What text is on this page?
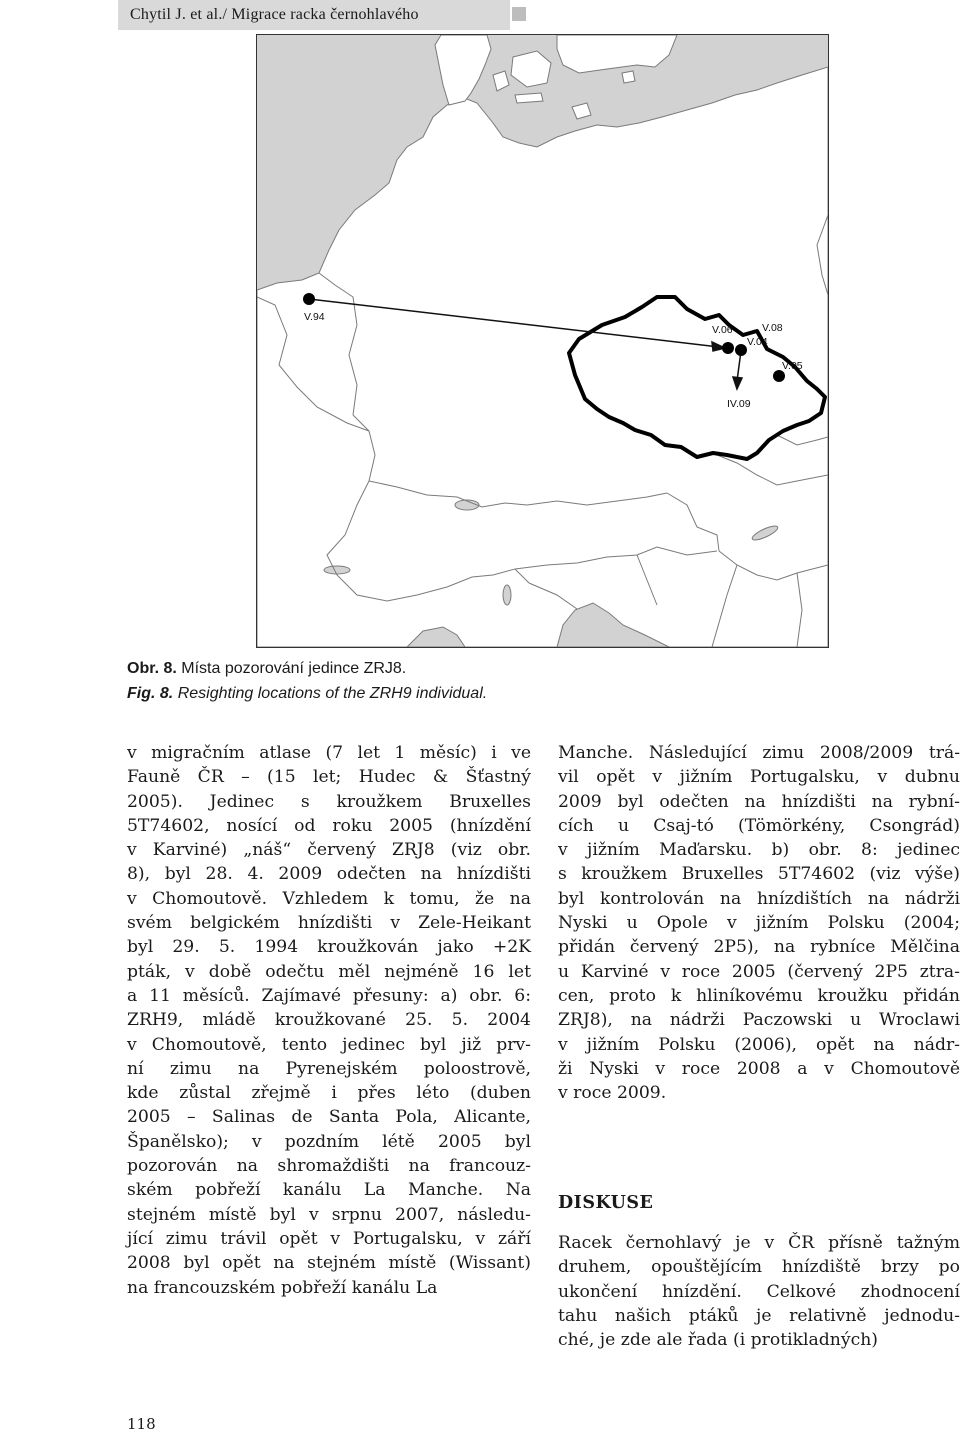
Chytil J. et al./ Migrace racka černohlavého
V.94
V.06	V.08
V.04
V.05
IV.09
Obr. 8. Místa pozorování jedince ZRJ8.
Fig. 8. Resighting locations of the ZRH9 individual.
v migračním atlase (7 let 1 měsíc) i ve
Fauně ČR – (15 let; Hudec & Šťastný
2005). Jedinec s kroužkem Bruxelles
5T74602, nosící od roku 2005 (hnízdění
v Karviné) „náš“ červený ZRJ8 (viz obr.
8), byl 28. 4. 2009 odečten na hnízdišti
v Chomoutově. Vzhledem k tomu, že na
svém belgickém hnízdišti v Zele-Heikant
byl 29. 5. 1994 kroužkován jako +2K
pták, v době odečtu měl nejméně 16 let
a 11 měsíců. Zajímavé přesuny: a) obr. 6:
ZRH9, mládě kroužkované 25. 5. 2004
v Chomoutově, tento jedinec byl již prv-
ní zimu na Pyrenejském poloostrově,
kde zůstal zřejmě i přes léto (duben
2005 – Salinas de Santa Pola, Alicante,
Španělsko); v pozdním létě 2005 byl
pozorován na shromaždišti na francouz-
ském pobřeží kanálu La Manche. Na
stejném místě byl v srpnu 2007, následu-
jící zimu trávil opět v Portugalsku, v září
2008 byl opět na stejném místě (Wissant)
na francouzském pobřeží kanálu La
Manche. Následující zimu 2008/2009 trá-
vil opět v jižním Portugalsku, v dubnu
2009 byl odečten na hnízdišti na rybní-
cích u Csaj-tó (Tömörkény, Csongrád)
v jižním Maďarsku. b) obr. 8: jedinec
s kroužkem Bruxelles 5T74602 (viz výše)
byl kontrolován na hnízdištích na nádrži
Nyski u Opole v jižním Polsku (2004;
přidán červený 2P5), na rybníce Mělčina
u Karviné v roce 2005 (červený 2P5 ztra-
cen, proto k hliníkovému kroužku přidán
ZRJ8), na nádrži Paczowski u Wroclawi
v jižním Polsku (2006), opět na nádr-
ži Nyski v roce 2008 a v Chomoutově
v roce 2009.
DISKUSE
Racek černohlavý je v ČR přísně tažným
druhem, opouštějícím hnízdiště brzy po
ukončení hnízdění. Celkové zhodnocení
tahu našich ptáků je relativně jednodu-
ché, je zde ale řada (i protikladných)
118
